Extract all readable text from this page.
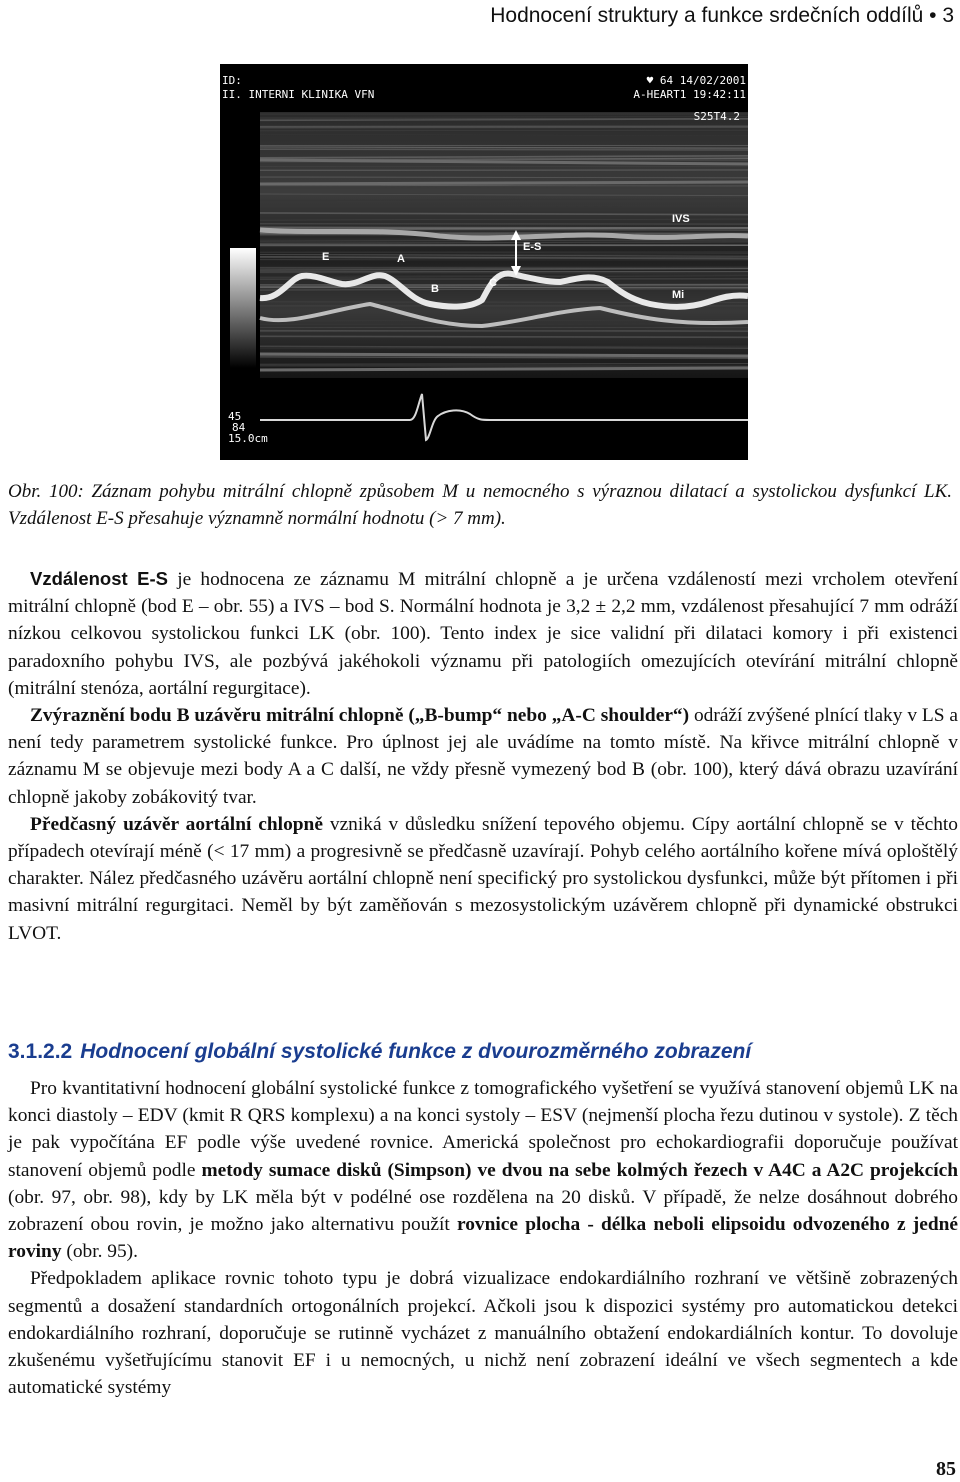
Hodnocení struktury a funkce srdečních oddílů • 3
ID:
II. INTERNI KLINIKA VFN
♥ 64 14/02/2001
A-HEART1 19:42:11
S25T4.2
45
84
15.0cm
E	A
B	C
E-S
IVS
Mi
Obr. 100: Záznam pohybu mitrální chlopně způsobem M u nemocného s výraznou dilatací a systolickou dysfunkcí LK. Vzdálenost E-S přesahuje významně normální hodnotu (> 7 mm).

Vzdálenost E-S je hodnocena ze záznamu M mitrální chlopně a je určena vzdáleností mezi vrcholem otevření mitrální chlopně (bod E – obr. 55) a IVS – bod S. Normální hodnota je 3,2 ± 2,2 mm, vzdálenost přesahující 7 mm odráží nízkou celkovou systolickou funkci LK (obr. 100). Tento index je sice validní při dilataci komory i při existenci paradoxního pohybu IVS, ale pozbývá jakéhokoli významu při patologiích omezujících otevírání mitrální chlopně (mitrální stenóza, aortální regurgitace).

Zvýraznění bodu B uzávěru mitrální chlopně („B-bump“ nebo „A-C shoulder“) odráží zvýšené plnící tlaky v LS a není tedy parametrem systolické funkce. Pro úplnost jej ale uvádíme na tomto místě. Na křivce mitrální chlopně v záznamu M se objevuje mezi body A a C další, ne vždy přesně vymezený bod B (obr. 100), který dává obrazu uzavírání chlopně jakoby zobákovitý tvar.

Předčasný uzávěr aortální chlopně vzniká v důsledku snížení tepového objemu. Cípy aortální chlopně se v těchto případech otevírají méně (< 17 mm) a progresivně se předčasně uzavírají. Pohyb celého aortálního kořene mívá oploštělý charakter. Nález předčasného uzávěru aortální chlopně není specifický pro systolickou dysfunkci, může být přítomen i při masivní mitrální regurgitaci. Neměl by být zaměňován s mezosystolickým uzávěrem chlopně při dynamické obstrukci LVOT.

3.1.2.2 Hodnocení globální systolické funkce z dvourozměrného zobrazení

Pro kvantitativní hodnocení globální systolické funkce z tomografického vyšetření se využívá stanovení objemů LK na konci diastoly – EDV (kmit R QRS komplexu) a na konci systoly – ESV (nejmenší plocha řezu dutinou v systole). Z těch je pak vypočítána EF podle výše uvedené rovnice. Americká společnost pro echokardiografii doporučuje používat stanovení objemů podle metody sumace disků (Simpson) ve dvou na sebe kolmých řezech v A4C a A2C projekcích (obr. 97, obr. 98), kdy by LK měla být v podélné ose rozdělena na 20 disků. V případě, že nelze dosáhnout dobrého zobrazení obou rovin, je možno jako alternativu použít rovnice plocha - délka neboli elipsoidu odvozeného z jedné roviny (obr. 95).

Předpokladem aplikace rovnic tohoto typu je dobrá vizualizace endokardiálního rozhraní ve většině zobrazených segmentů a dosažení standardních ortogonálních projekcí. Ačkoli jsou k dispozici systémy pro automatickou detekci endokardiálního rozhraní, doporučuje se rutinně vycházet z manuálního obtažení endokardiálních kontur. To dovoluje zkušenému vyšetřujícímu stanovit EF i u nemocných, u nichž není zobrazení ideální ve všech segmentech a kde automatické systémy

85
